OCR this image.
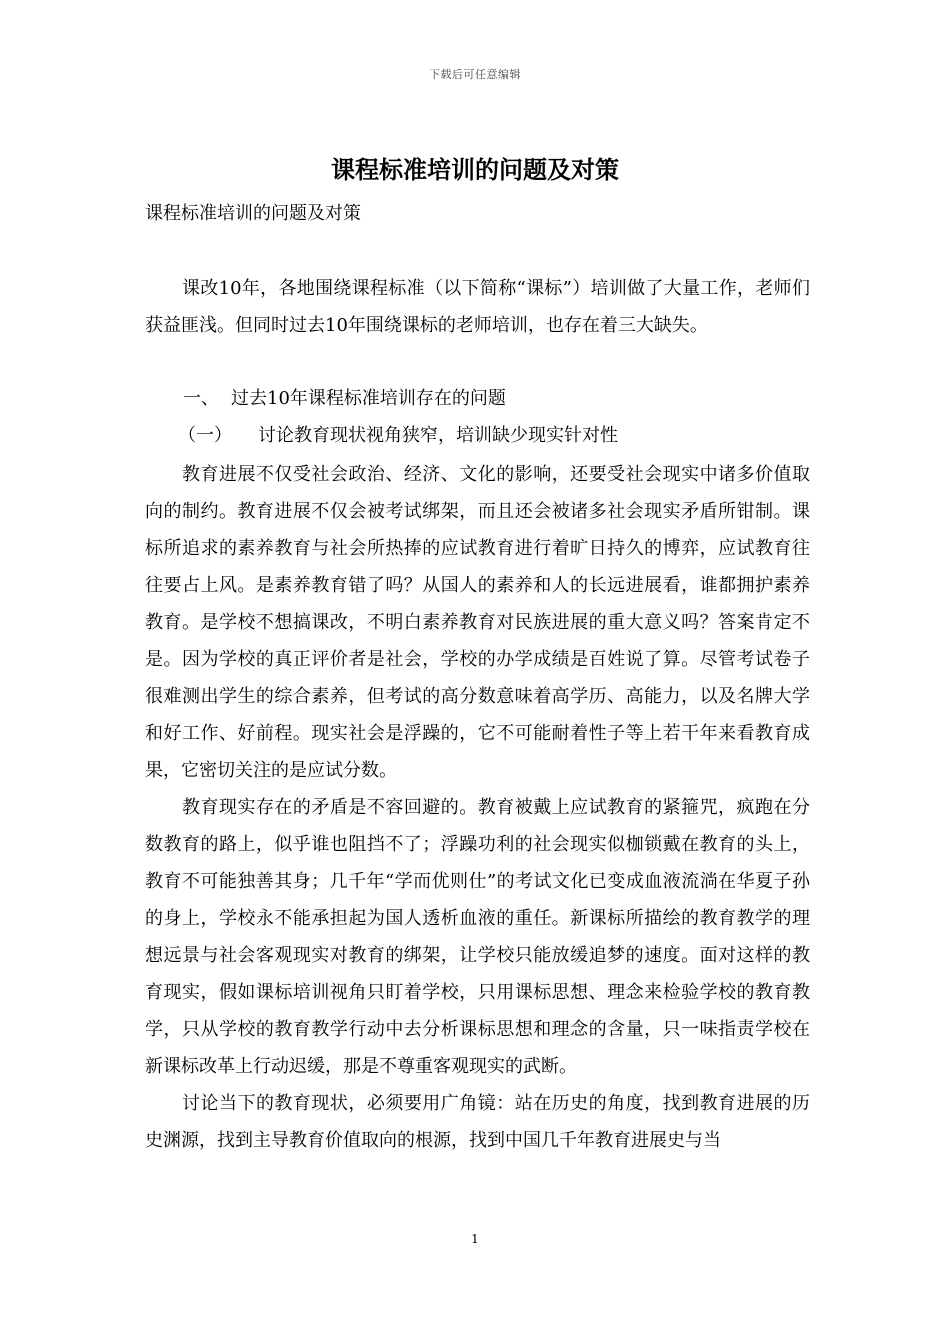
下载后可任意编辑
课程标准培训的问题及对策
课程标准培训的问题及对策
课改10年，各地围绕课程标准（以下简称“课标”）培训做了大量工作，老师们获益匪浅。但同时过去10年围绕课标的老师培训，也存在着三大缺失。
一、 过去10年课程标准培训存在的问题
（一） 讨论教育现状视角狭窄，培训缺少现实针对性

教育进展不仅受社会政治、经济、文化的影响，还要受社会现实中诸多价值取向的制约。教育进展不仅会被考试绑架，而且还会被诸多社会现实矛盾所钳制。课标所追求的素养教育与社会所热捧的应试教育进行着旷日持久的博弈，应试教育往往要占上风。是素养教育错了吗？从国人的素养和人的长远进展看，谁都拥护素养教育。是学校不想搞课改，不明白素养教育对民族进展的重大意义吗？答案肯定不是。因为学校的真正评价者是社会，学校的办学成绩是百姓说了算。尽管考试卷子很难测出学生的综合素养，但考试的高分数意味着高学历、高能力，以及名牌大学和好工作、好前程。现实社会是浮躁的，它不可能耐着性子等上若干年来看教育成果，它密切关注的是应试分数。

教育现实存在的矛盾是不容回避的。教育被戴上应试教育的紧箍咒，疯跑在分数教育的路上，似乎谁也阻挡不了；浮躁功利的社会现实似枷锁戴在教育的头上，教育不可能独善其身；几千年“学而优则仕”的考试文化已变成血液流淌在华夏子孙的身上，学校永不能承担起为国人透析血液的重任。新课标所描绘的教育教学的理想远景与社会客观现实对教育的绑架，让学校只能放缓追梦的速度。面对这样的教育现实，假如课标培训视角只盯着学校，只用课标思想、理念来检验学校的教育教学，只从学校的教育教学行动中去分析课标思想和理念的含量，只一味指责学校在新课标改革上行动迟缓，那是不尊重客观现实的武断。

讨论当下的教育现状，必须要用广角镜：站在历史的角度，找到教育进展的历史渊源，找到主导教育价值取向的根源，找到中国几千年教育进展史与当

1
